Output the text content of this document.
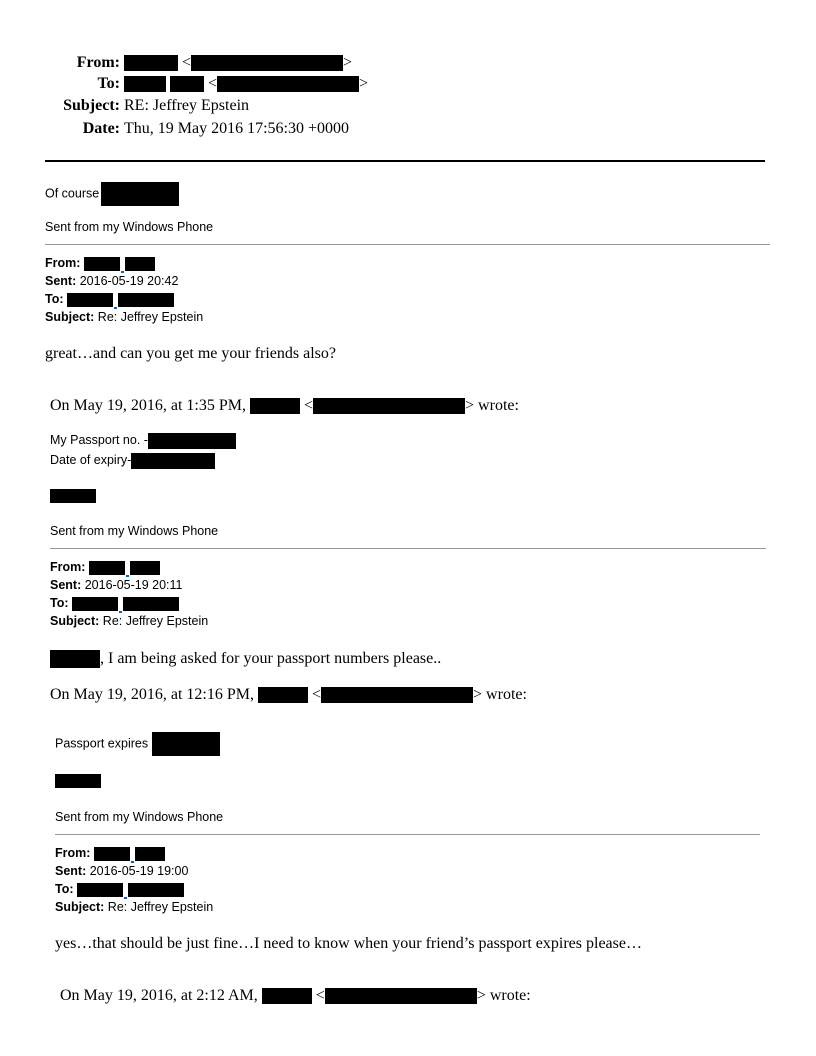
From:	<	>
To:	<	>
Subject: RE: Jeffrey Epstein
Date: Thu, 19 May 2016 17:56:30 +0000
Of course
Sent from my Windows Phone
From:
Sent: 2016-05-19 20:42
To:
Subject: Re: Jeffrey Epstein
great…and can you get me your friends also?
On May 19, 2016, at 1:35 PM,	<	> wrote:
My Passport no. -
Date of expiry-
Sent from my Windows Phone
From:
Sent: 2016-05-19 20:11
To:
Subject: Re: Jeffrey Epstein
, I am being asked for your passport numbers please..
On May 19, 2016, at 12:16 PM,	<	> wrote:
Passport expires
Sent from my Windows Phone
From:
Sent: 2016-05-19 19:00
To:
Subject: Re: Jeffrey Epstein
yes…that should be just fine…I need to know when your friend’s passport expires please…
On May 19, 2016, at 2:12 AM,	<	> wrote:
